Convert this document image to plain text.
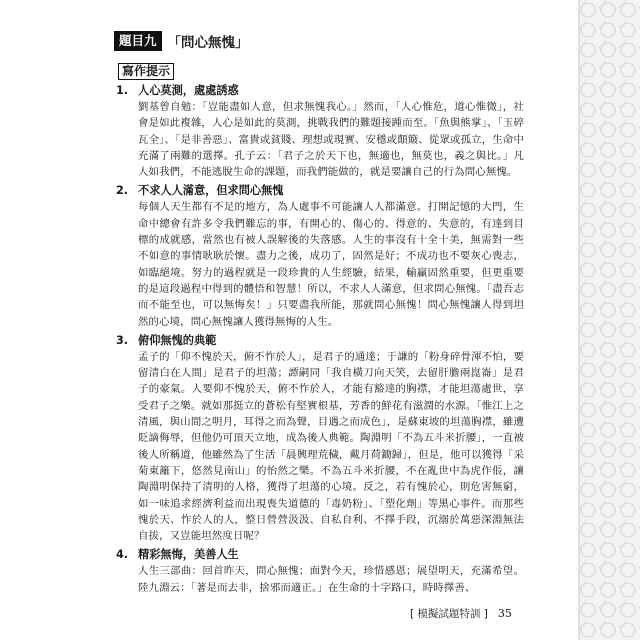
題目九 「問心無愧」
寫作提示
1. 人心莫測，處處誘惑

劉基曾自勉：「豈能盡如人意，但求無愧我心。」然而，「人心惟危，道心惟微」，社會是如此複雜，人心是如此的莫測，挑戰我們的難題接踵而至。「魚與熊掌」、「玉碎瓦全」、「是非善惡」、富貴或貧賤、理想或現實、安穩或顛簸、從眾或孤立，生命中充滿了兩難的選擇。孔子云：「君子之於天下也，無適也，無莫也，義之與比。」凡人如我們，不能逃脫生命的課題，而我們能做的，就是要讓自己的行為問心無愧。

2. 不求人人滿意，但求問心無愧

每個人天生都有不足的地方，為人處事不可能讓人人都滿意。打開記憶的大門，生命中總會有許多令我們難忘的事，有開心的、傷心的、得意的、失意的，有達到目標的成就感，當然也有被人誤解後的失落感。人生的事沒有十全十美，無需對一些不如意的事情耿耿於懷。盡力之後，成功了，固然是好；不成功也不要灰心喪志，如臨絕境。努力的過程就是一段珍貴的人生經驗，結果，輸贏固然重要，但更重要的是這段過程中得到的體悟和智慧！所以，不求人人滿意，但求問心無愧。「盡吾志而不能至也，可以無悔矣！」只要盡我所能，那就問心無愧！問心無愧讓人得到坦然的心境，問心無愧讓人獲得無悔的人生。

3. 俯仰無愧的典範

孟子的「仰不愧於天，俯不怍於人」，是君子的通達；于謙的「粉身碎骨渾不怕，要留清白在人間」是君子的坦蕩；譚嗣同「我自橫刀向天笑，去留肝膽兩崑崙」是君子的豪氣。人要仰不愧於天，俯不怍於人，才能有豁達的胸襟，才能坦蕩處世，享受君子之樂。就如那挺立的蒼松有堅實根基，芳香的鮮花有滋潤的水源。「惟江上之清風，與山間之明月，耳得之而為聲，目遇之而成色」，是蘇東坡的坦蕩胸襟，雖遭貶謫侮辱，但他仍可頂天立地，成為後人典範。陶淵明「不為五斗米折腰」，一直被後人所稱道，他雖然為了生活「晨興理荒穢，戴月荷鋤歸」，但是，他可以獲得「采菊東籬下，悠然見南山」的怡然之樂。不為五斗米折腰，不在亂世中為虎作倀，讓陶淵明保持了清明的人格，獲得了坦蕩的心境。反之，若有愧於心，則危害無窮，如一味追求經濟利益而出現喪失道德的「毒奶粉」、「塑化劑」等黑心事件。而那些愧於天、怍於人的人，整日營營汲汲、自私自利、不擇手段，沉溺於萬惡深淵無法自拔，又豈能坦然度日呢？

4. 精彩無悔，美善人生

人生三部曲：回首昨天，問心無愧；面對今天，珍惜感恩；展望明天，充滿希望。陸九淵云：「著是而去非，捨邪而適正。」在生命的十字路口，時時擇善、

[ 模擬試題特訓 ] 35
